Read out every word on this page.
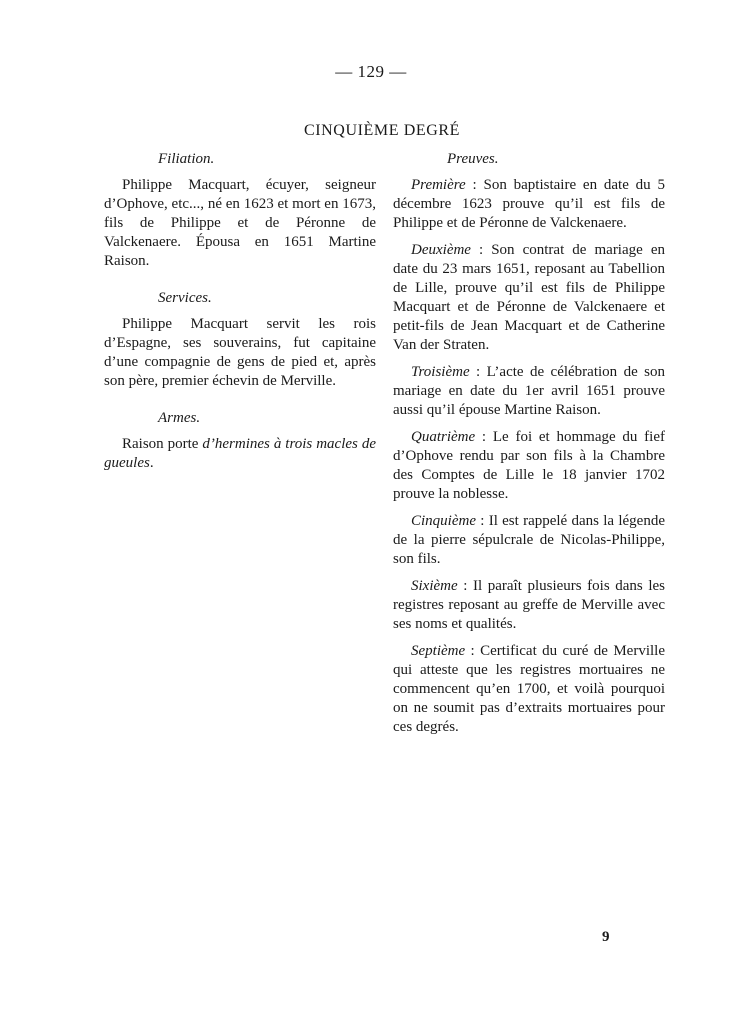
— 129 —
CINQUIÈME DEGRÉ
Filiation.

Philippe Macquart, écuyer, seigneur d’Ophove, etc..., né en 1623 et mort en 1673, fils de Philippe et de Péronne de Valckenaere. Épousa en 1651 Martine Raison.

Services.

Philippe Macquart servit les rois d’Espagne, ses souverains, fut capitaine d’une compagnie de gens de pied et, après son père, premier échevin de Merville.

Armes.

Raison porte d’hermines à trois macles de gueules.

Preuves.

Première : Son baptistaire en date du 5 décembre 1623 prouve qu’il est fils de Philippe et de Péronne de Valckenaere.

Deuxième : Son contrat de mariage en date du 23 mars 1651, reposant au Tabellion de Lille, prouve qu’il est fils de Philippe Macquart et de Péronne de Valckenaere et petit-fils de Jean Macquart et de Catherine Van der Straten.

Troisième : L’acte de célébration de son mariage en date du 1er avril 1651 prouve aussi qu’il épouse Martine Raison.

Quatrième : Le foi et hommage du fief d’Ophove rendu par son fils à la Chambre des Comptes de Lille le 18 janvier 1702 prouve la noblesse.

Cinquième : Il est rappelé dans la légende de la pierre sépulcrale de Nicolas-Philippe, son fils.

Sixième : Il paraît plusieurs fois dans les registres reposant au greffe de Merville avec ses noms et qualités.

Septième : Certificat du curé de Merville qui atteste que les registres mortuaires ne commencent qu’en 1700, et voilà pourquoi on ne soumit pas d’extraits mortuaires pour ces degrés.

9
